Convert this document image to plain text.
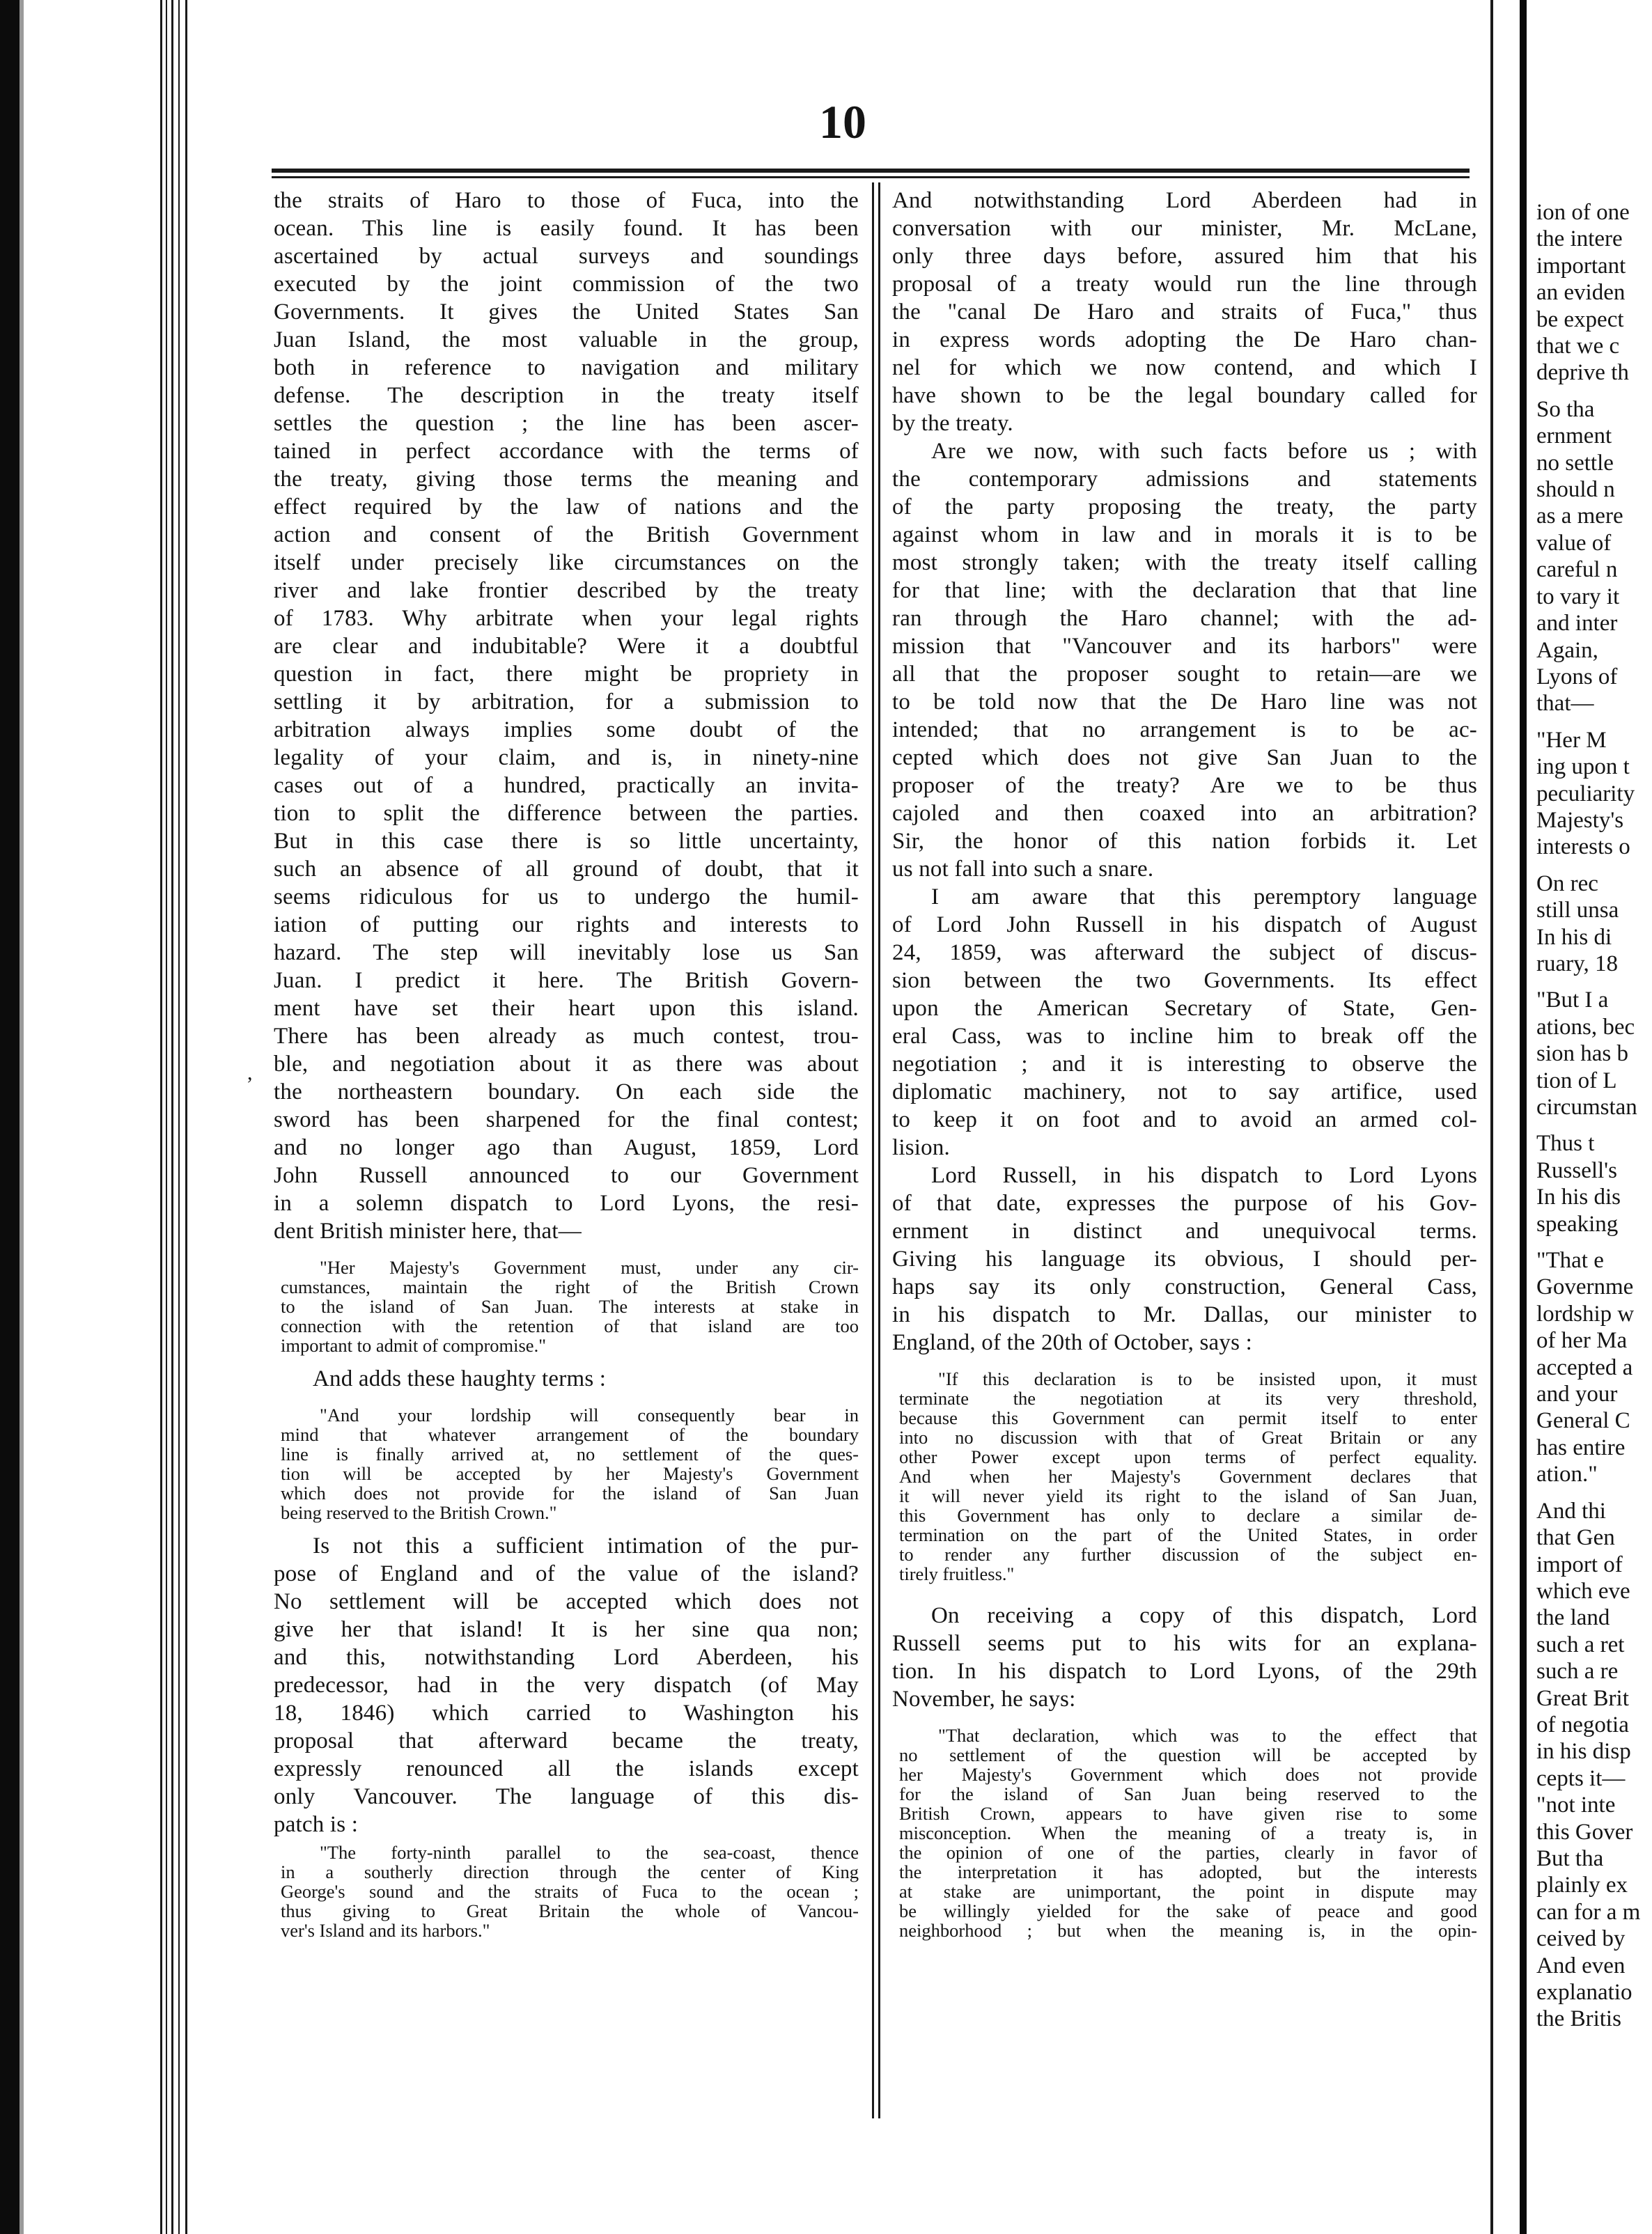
10
,

the straits of Haro to those of Fuca, into the

ocean. This line is easily found. It has been

ascertained by actual surveys and soundings

executed by the joint commission of the two

Governments. It gives the United States San

Juan Island, the most valuable in the group,

both in reference to navigation and military

defense. The description in the treaty itself

settles the question ; the line has been ascer-

tained in perfect accordance with the terms of

the treaty, giving those terms the meaning and

effect required by the law of nations and the

action and consent of the British Government

itself under precisely like circumstances on the

river and lake frontier described by the treaty

of 1783. Why arbitrate when your legal rights

are clear and indubitable? Were it a doubtful

question in fact, there might be propriety in

settling it by arbitration, for a submission to

arbitration always implies some doubt of the

legality of your claim, and is, in ninety-nine

cases out of a hundred, practically an invita-

tion to split the difference between the parties.

But in this case there is so little uncertainty,

such an absence of all ground of doubt, that it

seems ridiculous for us to undergo the humil-

iation of putting our rights and interests to

hazard. The step will inevitably lose us San

Juan. I predict it here. The British Govern-

ment have set their heart upon this island.

There has been already as much contest, trou-

ble, and negotiation about it as there was about

the northeastern boundary. On each side the

sword has been sharpened for the final contest;

and no longer ago than August, 1859, Lord

John Russell announced to our Government

in a solemn dispatch to Lord Lyons, the resi-

dent British minister here, that—

"Her Majesty's Government must, under any cir-

cumstances, maintain the right of the British Crown

to the island of San Juan. The interests at stake in

connection with the retention of that island are too

important to admit of compromise."

And adds these haughty terms :

"And your lordship will consequently bear in

mind that whatever arrangement of the boundary

line is finally arrived at, no settlement of the ques-

tion will be accepted by her Majesty's Government

which does not provide for the island of San Juan

being reserved to the British Crown."

Is not this a sufficient intimation of the pur-

pose of England and of the value of the island?

No settlement will be accepted which does not

give her that island! It is her sine qua non;

and this, notwithstanding Lord Aberdeen, his

predecessor, had in the very dispatch (of May

18, 1846) which carried to Washington his

proposal that afterward became the treaty,

expressly renounced all the islands except

only Vancouver. The language of this dis-

patch is :

"The forty-ninth parallel to the sea-coast, thence

in a southerly direction through the center of King

George's sound and the straits of Fuca to the ocean ;

thus giving to Great Britain the whole of Vancou-

ver's Island and its harbors."

And notwithstanding Lord Aberdeen had in

conversation with our minister, Mr. McLane,

only three days before, assured him that his

proposal of a treaty would run the line through

the "canal De Haro and straits of Fuca," thus

in express words adopting the De Haro chan-

nel for which we now contend, and which I

have shown to be the legal boundary called for

by the treaty.

Are we now, with such facts before us ; with

the contemporary admissions and statements

of the party proposing the treaty, the party

against whom in law and in morals it is to be

most strongly taken; with the treaty itself calling

for that line; with the declaration that that line

ran through the Haro channel; with the ad-

mission that "Vancouver and its harbors" were

all that the proposer sought to retain—are we

to be told now that the De Haro line was not

intended; that no arrangement is to be ac-

cepted which does not give San Juan to the

proposer of the treaty? Are we to be thus

cajoled and then coaxed into an arbitration?

Sir, the honor of this nation forbids it. Let

us not fall into such a snare.

I am aware that this peremptory language

of Lord John Russell in his dispatch of August

24, 1859, was afterward the subject of discus-

sion between the two Governments. Its effect

upon the American Secretary of State, Gen-

eral Cass, was to incline him to break off the

negotiation ; and it is interesting to observe the

diplomatic machinery, not to say artifice, used

to keep it on foot and to avoid an armed col-

lision.

Lord Russell, in his dispatch to Lord Lyons

of that date, expresses the purpose of his Gov-

ernment in distinct and unequivocal terms.

Giving his language its obvious, I should per-

haps say its only construction, General Cass,

in his dispatch to Mr. Dallas, our minister to

England, of the 20th of October, says :

"If this declaration is to be insisted upon, it must

terminate the negotiation at its very threshold,

because this Government can permit itself to enter

into no discussion with that of Great Britain or any

other Power except upon terms of perfect equality.

And when her Majesty's Government declares that

it will never yield its right to the island of San Juan,

this Government has only to declare a similar de-

termination on the part of the United States, in order

to render any further discussion of the subject en-

tirely fruitless."

On receiving a copy of this dispatch, Lord

Russell seems put to his wits for an explana-

tion. In his dispatch to Lord Lyons, of the 29th

November, he says:

"That declaration, which was to the effect that

no settlement of the question will be accepted by

her Majesty's Government which does not provide

for the island of San Juan being reserved to the

British Crown, appears to have given rise to some

misconception. When the meaning of a treaty is, in

the opinion of one of the parties, clearly in favor of

the interpretation it has adopted, but the interests

at stake are unimportant, the point in dispute may

be willingly yielded for the sake of peace and good

neighborhood ; but when the meaning is, in the opin-

ion of one

the intere

important

an eviden

be expect

that we c

deprive th

So tha

ernment

no settle

should n

as a mere

value of

careful n

to vary it

and inter

Again,

Lyons of

that—

"Her M

ing upon t

peculiarity

Majesty's

interests o

On rec

still unsa

In his di

ruary, 18

"But I a

ations, bec

sion has b

tion of L

circumstan

Thus t

Russell's

In his dis

speaking

"That e

Governme

lordship w

of her Ma

accepted a

and your

General C

has entire

ation."

And thi

that Gen

import of

which eve

the land

such a ret

such a re

Great Brit

of negotia

in his disp

cepts it—

"not inte

this Gover

But tha

plainly ex

can for a m

ceived by

And even

explanatio

the Britis
